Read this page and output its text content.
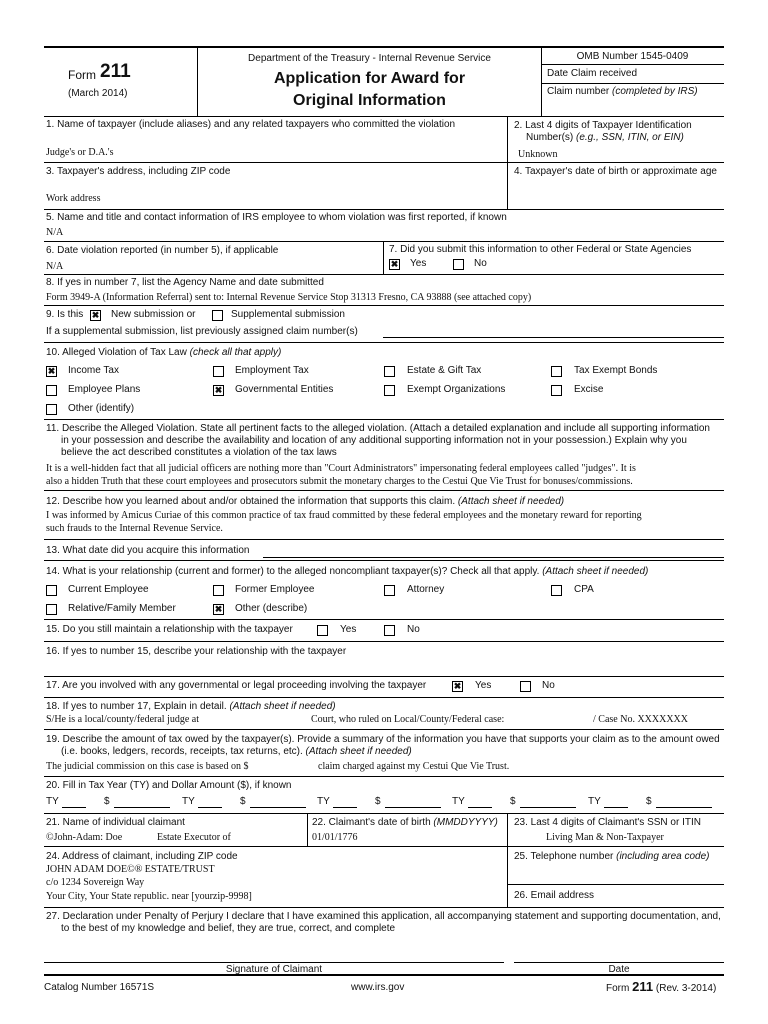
Form 211
(March 2014)
Department of the Treasury - Internal Revenue Service
Application for Award for
Original Information
OMB Number 1545-0409
Date Claim received
Claim number (completed by IRS)
1. Name of taxpayer (include aliases) and any related taxpayers who committed the violation
Judge's or D.A.'s
2. Last 4 digits of Taxpayer Identification
Number(s) (e.g., SSN, ITIN, or EIN)
Unknown
3. Taxpayer's address, including ZIP code
Work address
4. Taxpayer's date of birth or approximate age
5. Name and title and contact information of IRS employee to whom violation was first reported, if known
N/A
6. Date violation reported (in number 5), if applicable
N/A
7. Did you submit this information to other Federal or State Agencies
✖ Yes	No
8. If yes in number 7, list the Agency Name and date submitted
Form 3949-A (Information Referral) sent to: Internal Revenue Service Stop 31313 Fresno, CA 93888 (see attached copy)
9. Is this ✖ New submission or	Supplemental submission
If a supplemental submission, list previously assigned claim number(s)
10. Alleged Violation of Tax Law (check all that apply)
✖ Income Tax	Employment Tax	Estate & Gift Tax	Tax Exempt Bonds
Employee Plans	✖ Governmental Entities	Exempt Organizations	Excise
Other (identify)
11. Describe the Alleged Violation. State all pertinent facts to the alleged violation. (Attach a detailed explanation and include all supporting information
in your possession and describe the availability and location of any additional supporting information not in your possession.) Explain why you
believe the act described constitutes a violation of the tax laws
It is a well-hidden fact that all judicial officers are nothing more than "Court Administrators" impersonating federal employees called "judges". It is
also a hidden Truth that these court employees and prosecutors submit the monetary charges to the Cestui Que Vie Trust for bonuses/commissions.
12. Describe how you learned about and/or obtained the information that supports this claim. (Attach sheet if needed)
I was informed by Amicus Curiae of this common practice of tax fraud committed by these federal employees and the monetary reward for reporting
such frauds to the Internal Revenue Service.
13. What date did you acquire this information
14. What is your relationship (current and former) to the alleged noncompliant taxpayer(s)? Check all that apply. (Attach sheet if needed)
Current Employee	Former Employee	Attorney	CPA
Relative/Family Member	✖ Other (describe)
15. Do you still maintain a relationship with the taxpayer	Yes	No
16. If yes to number 15, describe your relationship with the taxpayer
17. Are you involved with any governmental or legal proceeding involving the taxpayer	✖ Yes	No
18. If yes to number 17, Explain in detail. (Attach sheet if needed)
S/He is a local/county/federal judge at	Court, who ruled on Local/County/Federal case:	/ Case No. XXXXXXX
19. Describe the amount of tax owed by the taxpayer(s). Provide a summary of the information you have that supports your claim as to the amount owed
(i.e. books, ledgers, records, receipts, tax returns, etc). (Attach sheet if needed)
The judicial commission on this case is based on $	claim charged against my Cestui Que Vie Trust.
20. Fill in Tax Year (TY) and Dollar Amount ($), if known
TY	$	TY	$	TY	$	TY	$	TY	$
21. Name of individual claimant
©John-Adam: Doe	Estate Executor of
22. Claimant's date of birth (MMDDYYYY)
01/01/1776
23. Last 4 digits of Claimant's SSN or ITIN
Living Man & Non-Taxpayer
24. Address of claimant, including ZIP code
JOHN ADAM DOE©® ESTATE/TRUST
c/o 1234 Sovereign Way
Your City, Your State republic. near [yourzip-9998]
25. Telephone number (including area code)
26. Email address
27. Declaration under Penalty of Perjury I declare that I have examined this application, all accompanying statement and supporting documentation, and,
to the best of my knowledge and belief, they are true, correct, and complete
Signature of Claimant	Date
Catalog Number 16571S	www.irs.gov	Form 211 (Rev. 3-2014)
